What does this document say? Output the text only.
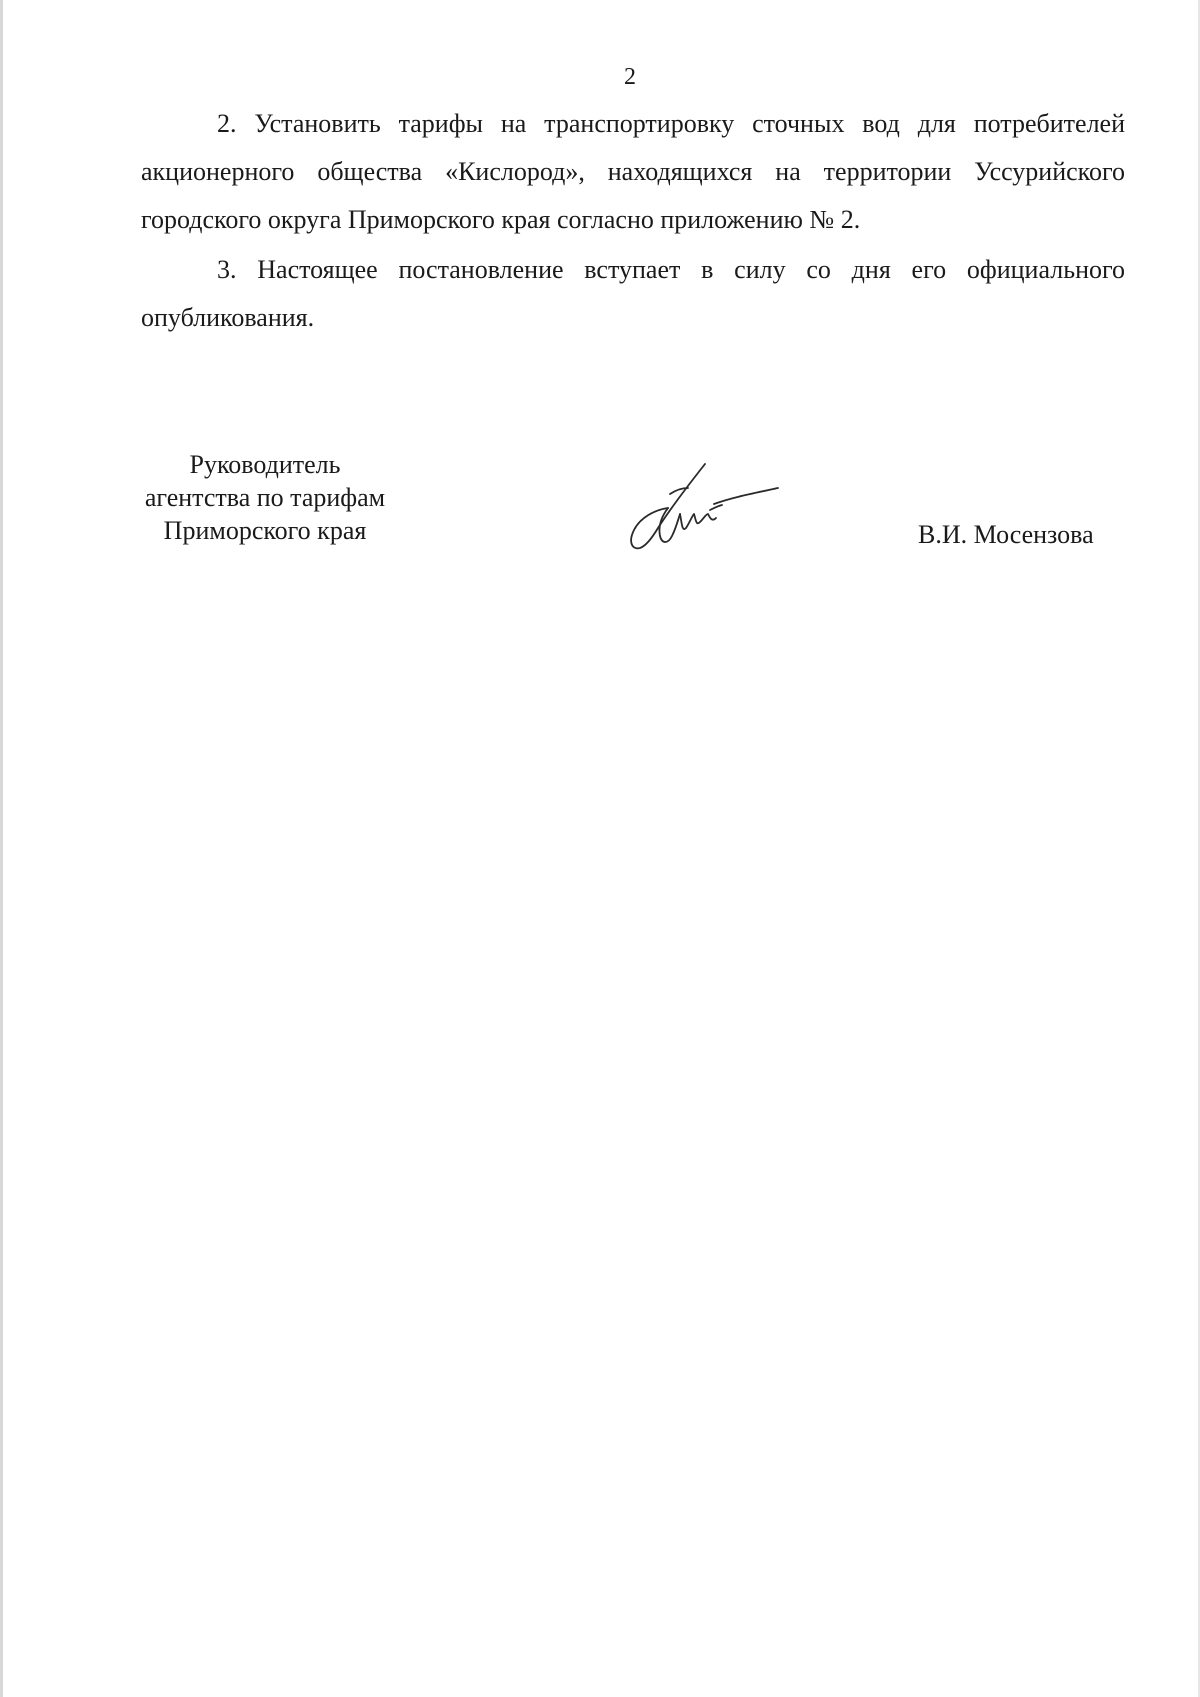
2

2. Установить тарифы на транспортировку сточных вод для потребителей акционерного общества «Кислород», находящихся на территории Уссурийского городского округа Приморского края согласно приложению № 2.

3. Настоящее постановление вступает в силу со дня его официального опубликования.

Руководитель
агентства по тарифам
Приморского края	В.И. Мосензова
